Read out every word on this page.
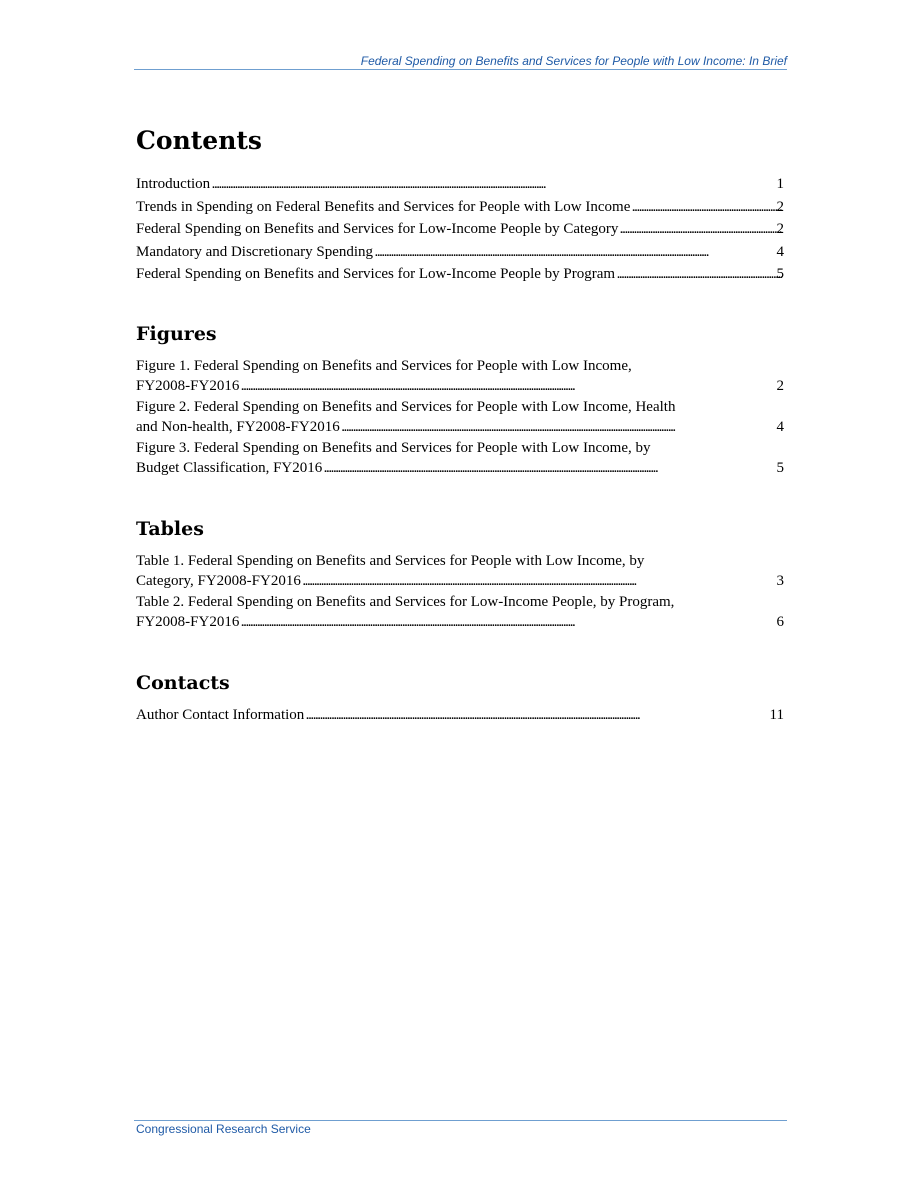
Federal Spending on Benefits and Services for People with Low Income: In Brief
Contents
Introduction . . .	1
Trends in Spending on Federal Benefits and Services for People with Low Income . . .	2
Federal Spending on Benefits and Services for Low-Income People by Category . . .	2
Mandatory and Discretionary Spending . . .	4
Federal Spending on Benefits and Services for Low-Income People by Program . . .	5
Figures
Figure 1. Federal Spending on Benefits and Services for People with Low Income,
FY2008-FY2016 . . .	2
Figure 2. Federal Spending on Benefits and Services for People with Low Income, Health
and Non-health, FY2008-FY2016 . . .	4
Figure 3. Federal Spending on Benefits and Services for People with Low Income, by
Budget Classification, FY2016 . . .	5
Tables
Table 1. Federal Spending on Benefits and Services for People with Low Income, by
Category, FY2008-FY2016 . . .	3
Table 2. Federal Spending on Benefits and Services for Low-Income People, by Program,
FY2008-FY2016 . . .	6
Contacts
Author Contact Information . . .	11
Congressional Research Service
